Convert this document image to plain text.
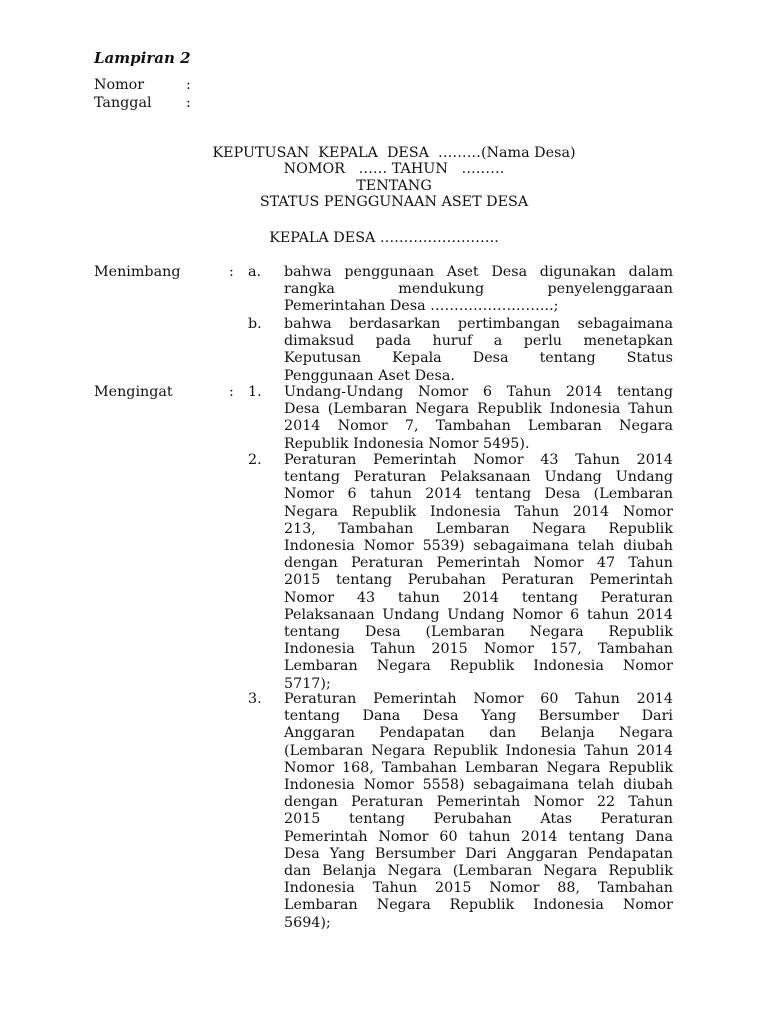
Lampiran 2
Nomor	:
Tanggal :
KEPUTUSAN  KEPALA  DESA  ………(Nama Desa)
NOMOR   …… TAHUN   ………
TENTANG
STATUS PENGGUNAAN ASET DESA
KEPALA DESA …………………….
Menimbang	: a. bahwa penggunaan Aset Desa digunakan dalam
rangka mendukung penyelenggaraan
Pemerintahan Desa ……………………..;
b. bahwa berdasarkan pertimbangan sebagaimana
dimaksud pada huruf a perlu menetapkan
Keputusan Kepala Desa tentang Status
Penggunaan Aset Desa.
Mengingat	: 1. Undang-Undang Nomor 6 Tahun 2014 tentang
Desa (Lembaran Negara Republik Indonesia Tahun
2014 Nomor 7, Tambahan Lembaran Negara
Republik Indonesia Nomor 5495).
2. Peraturan Pemerintah Nomor 43 Tahun 2014
tentang Peraturan Pelaksanaan Undang Undang
Nomor 6 tahun 2014 tentang Desa (Lembaran
Negara Republik Indonesia Tahun 2014 Nomor
213, Tambahan Lembaran Negara Republik
Indonesia Nomor 5539) sebagaimana telah diubah
dengan Peraturan Pemerintah Nomor 47 Tahun
2015 tentang Perubahan Peraturan Pemerintah
Nomor 43 tahun 2014 tentang Peraturan
Pelaksanaan Undang Undang Nomor 6 tahun 2014
tentang Desa (Lembaran Negara Republik
Indonesia Tahun 2015 Nomor 157, Tambahan
Lembaran Negara Republik Indonesia Nomor
5717);
3. Peraturan Pemerintah Nomor 60 Tahun 2014
tentang Dana Desa Yang Bersumber Dari
Anggaran Pendapatan dan Belanja Negara
(Lembaran Negara Republik Indonesia Tahun 2014
Nomor 168, Tambahan Lembaran Negara Republik
Indonesia Nomor 5558) sebagaimana telah diubah
dengan Peraturan Pemerintah Nomor 22 Tahun
2015 tentang Perubahan Atas Peraturan
Pemerintah Nomor 60 tahun 2014 tentang Dana
Desa Yang Bersumber Dari Anggaran Pendapatan
dan Belanja Negara (Lembaran Negara Republik
Indonesia Tahun 2015 Nomor 88, Tambahan
Lembaran Negara Republik Indonesia Nomor
5694);
